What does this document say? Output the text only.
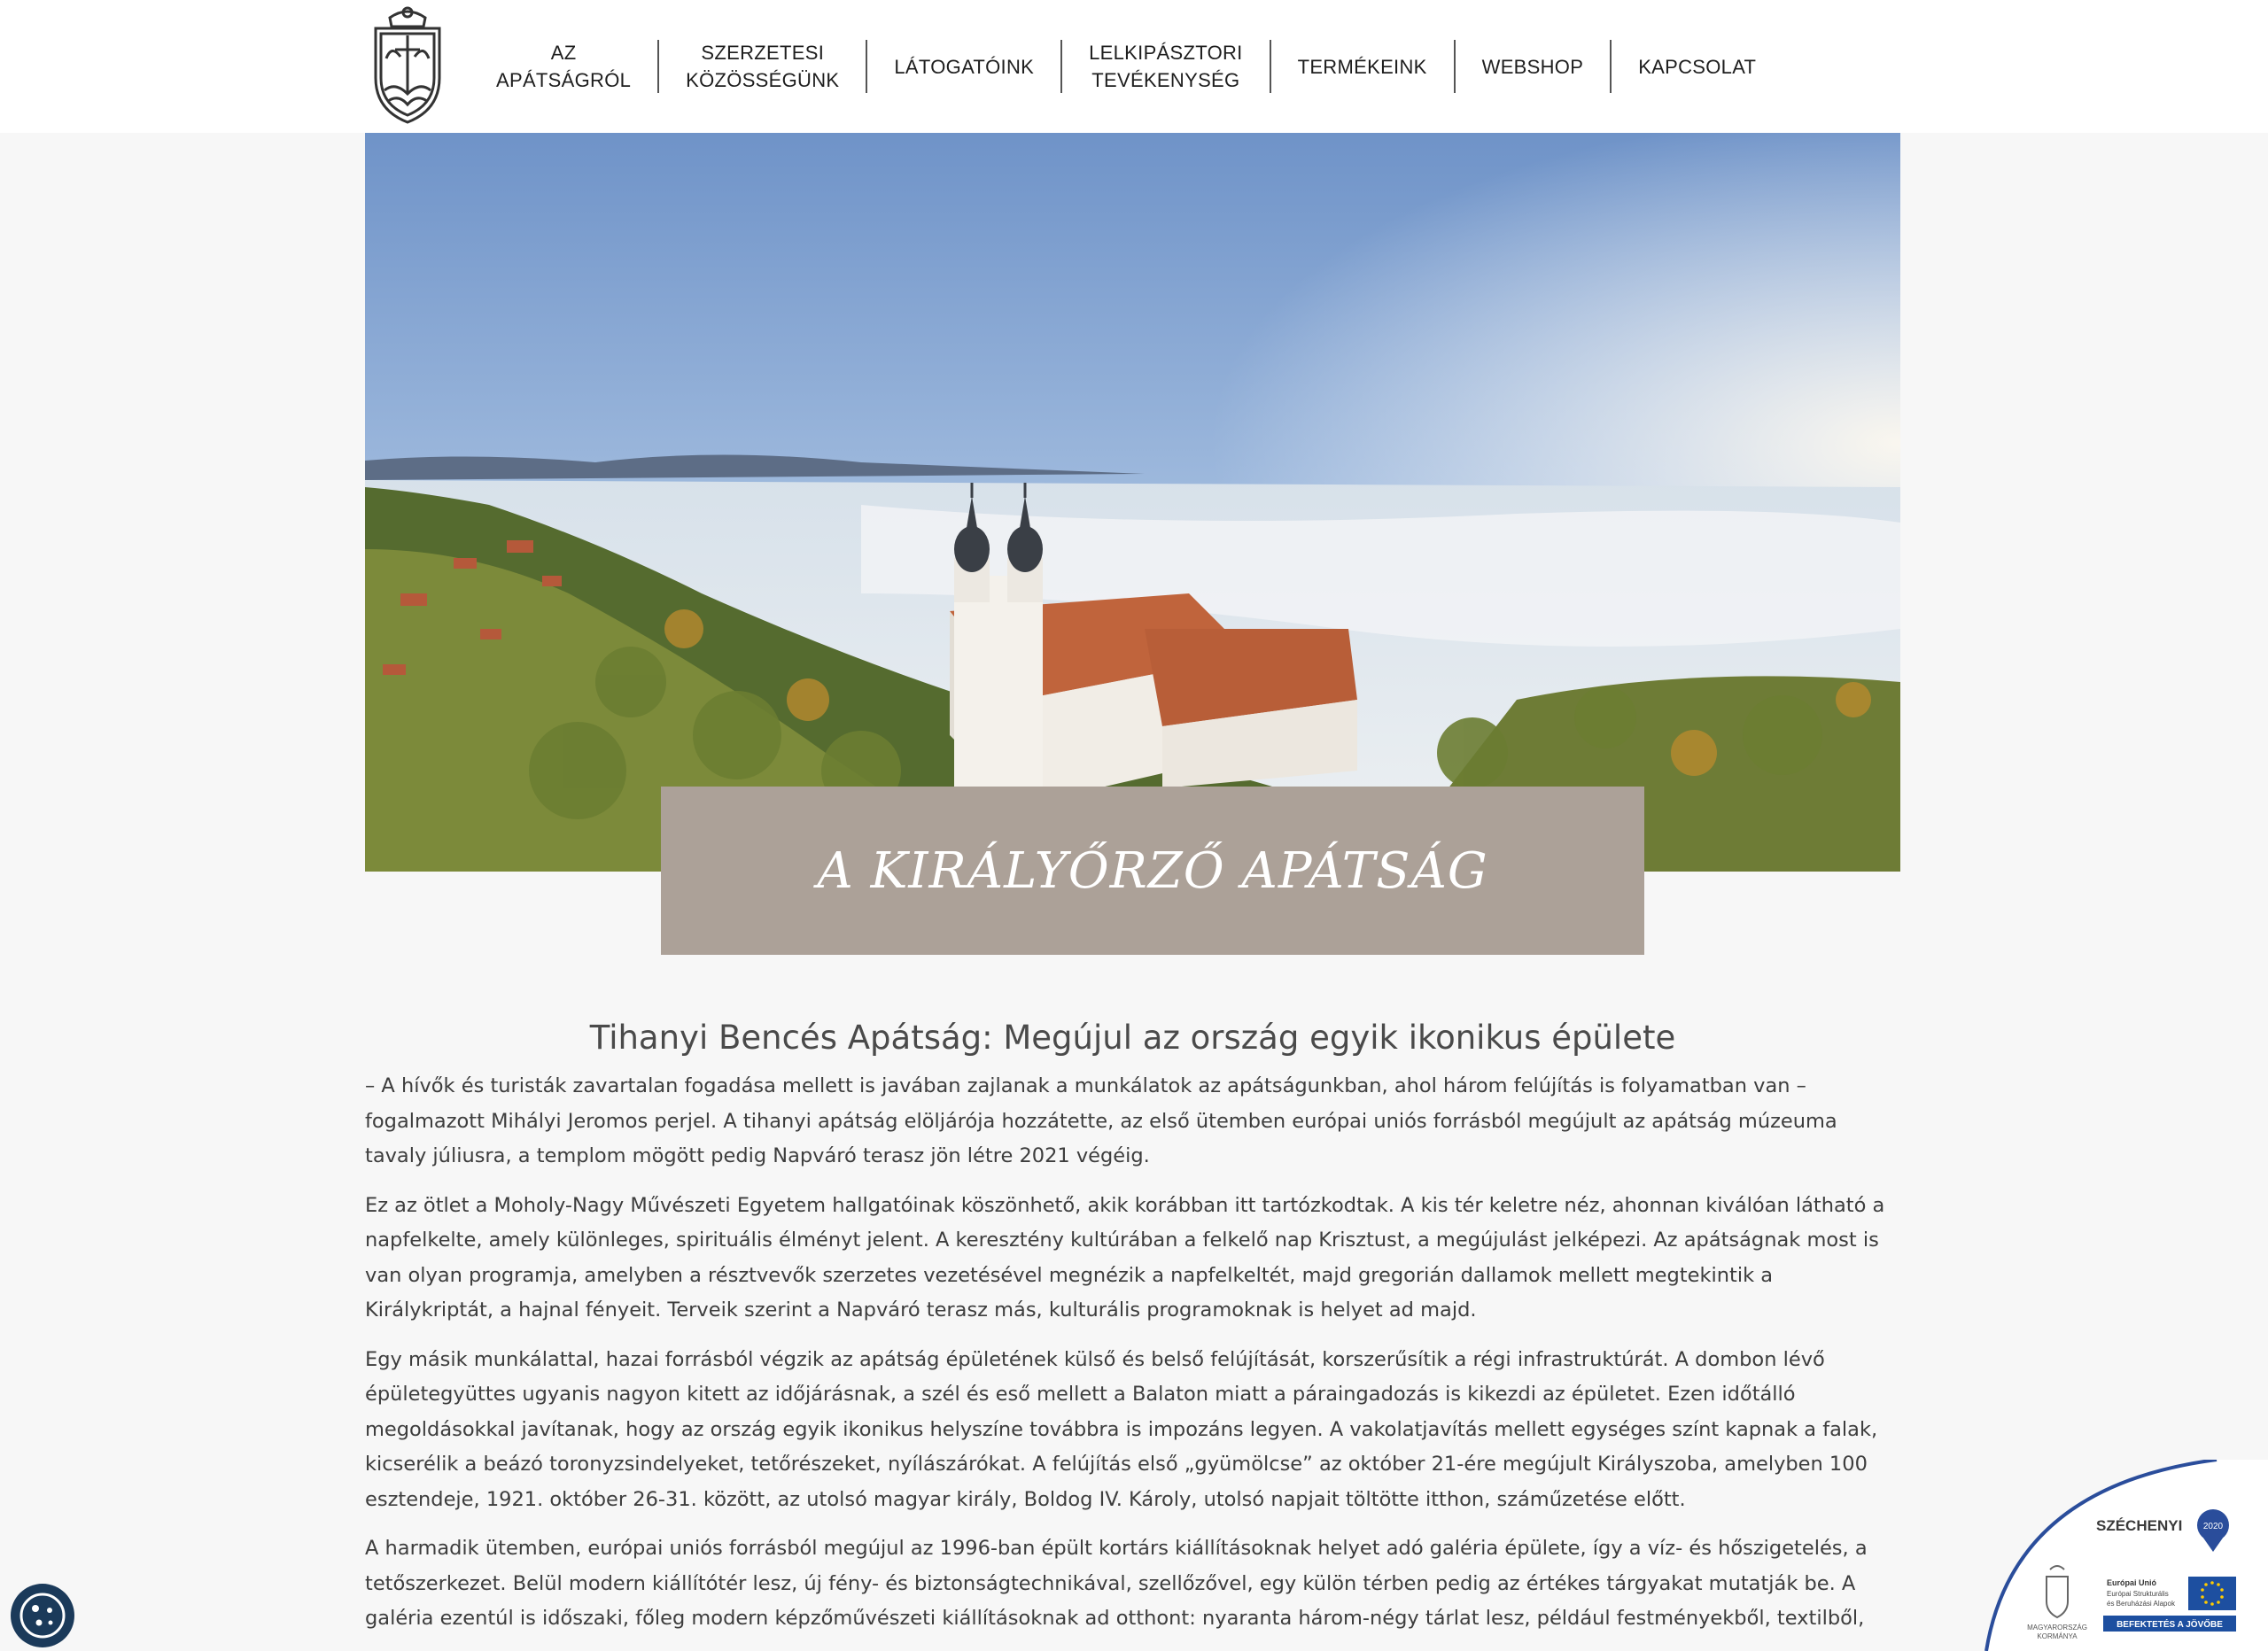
AZ
APÁTSÁGRÓL
SZERZETESI
KÖZÖSSÉGÜNK
LÁTOGATÓINK
LELKIPÁSZTORI
TEVÉKENYSÉG
TERMÉKEINK	WEBSHOP	KAPCSOLAT
A KIRÁLYŐRZŐ APÁTSÁG
Tihanyi Bencés Apátság: Megújul az ország egyik ikonikus épülete

– A hívők és turisták zavartalan fogadása mellett is javában zajlanak a munkálatok az apátságunkban, ahol három felújítás is folyamatban van – fogalmazott Mihályi Jeromos perjel. A tihanyi apátság elöljárója hozzátette, az első ütemben európai uniós forrásból megújult az apátság múzeuma tavaly júliusra, a templom mögött pedig Napváró terasz jön létre 2021 végéig.

Ez az ötlet a Moholy-Nagy Művészeti Egyetem hallgatóinak köszönhető, akik korábban itt tartózkodtak. A kis tér keletre néz, ahonnan kiválóan látható a napfelkelte, amely különleges, spirituális élményt jelent. A keresztény kultúrában a felkelő nap Krisztust, a megújulást jelképezi. Az apátságnak most is van olyan programja, amelyben a résztvevők szerzetes vezetésével megnézik a napfelkeltét, majd gregorián dallamok mellett megtekintik a Királykriptát, a hajnal fényeit. Terveik szerint a Napváró terasz más, kulturális programoknak is helyet ad majd.

Egy másik munkálattal, hazai forrásból végzik az apátság épületének külső és belső felújítását, korszerűsítik a régi infrastruktúrát. A dombon lévő épületegyüttes ugyanis nagyon kitett az időjárásnak, a szél és eső mellett a Balaton miatt a páraingadozás is kikezdi az épületet. Ezen időtálló megoldásokkal javítanak, hogy az ország egyik ikonikus helyszíne továbbra is impozáns legyen. A vakolatjavítás mellett egységes színt kapnak a falak, kicserélik a beázó toronyzsindelyeket, tetőrészeket, nyílászárókat. A felújítás első „gyümölcse” az október 21-ére megújult Királyszoba, amelyben 100 esztendeje, 1921. október 26-31. között, az utolsó magyar király, Boldog IV. Károly, utolsó napjait töltötte itthon, száműzetése előtt.

A harmadik ütemben, európai uniós forrásból megújul az 1996-ban épült kortárs kiállításoknak helyet adó galéria épülete, így a víz- és hőszigetelés, a tetőszerkezet. Belül modern kiállítótér lesz, új fény- és biztonságtechnikával, szellőzővel, egy külön térben pedig az értékes tárgyakat mutatják be. A galéria ezentúl is időszaki, főleg modern képzőművészeti kiállításoknak ad otthont: nyaranta három-négy tárlat lesz, például festményekből, textilből,

SZÉCHENYI 2020
MAGYARORSZÁG
KORMÁNYA
Európai Unió
Európai Strukturális
és Beruházási Alapok
BEFEKTETÉS A JÖVŐBE
